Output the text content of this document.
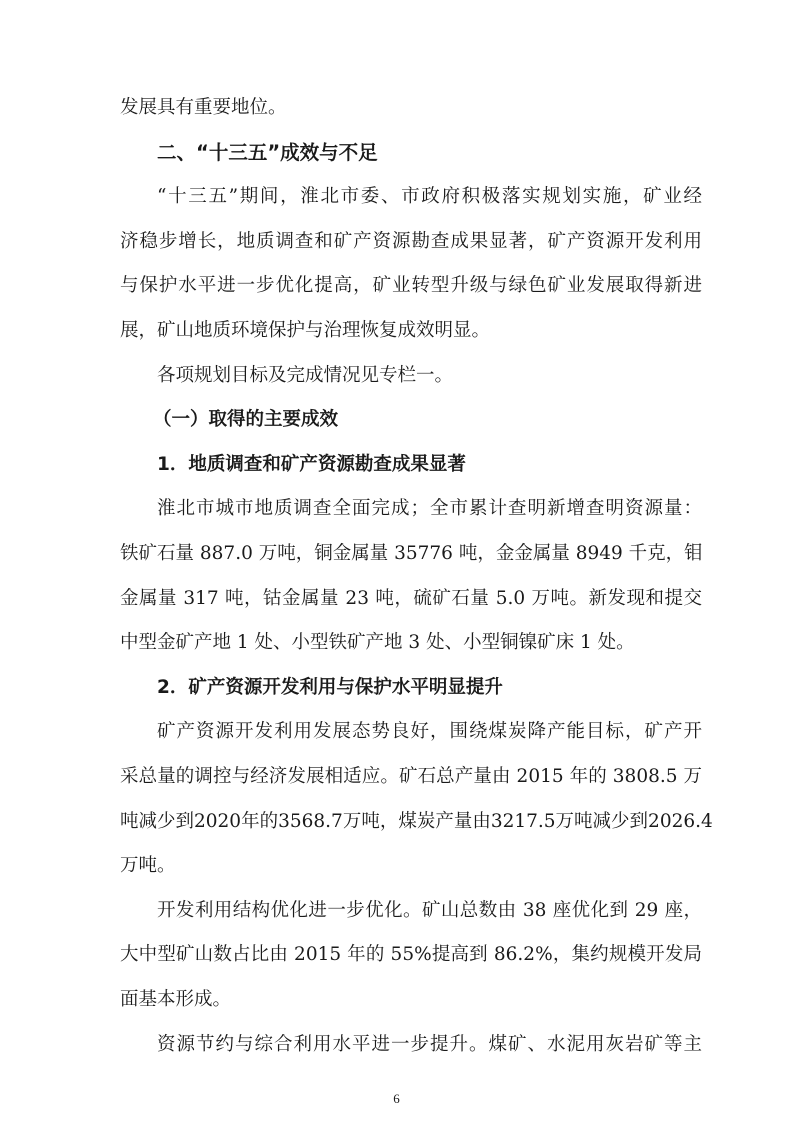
发展具有重要地位。

二、“十三五”成效与不足

“十三五”期间，淮北市委、市政府积极落实规划实施，矿业经

济稳步增长，地质调查和矿产资源勘查成果显著，矿产资源开发利用

与保护水平进一步优化提高，矿业转型升级与绿色矿业发展取得新进

展，矿山地质环境保护与治理恢复成效明显。

各项规划目标及完成情况见专栏一。

（一）取得的主要成效

1．地质调查和矿产资源勘查成果显著

淮北市城市地质调查全面完成；全市累计查明新增查明资源量：

铁矿石量 887.0 万吨，铜金属量 35776 吨，金金属量 8949 千克，钼

金属量 317 吨，钴金属量 23 吨，硫矿石量 5.0 万吨。新发现和提交

中型金矿产地 1 处、小型铁矿产地 3 处、小型铜镍矿床 1 处。

2．矿产资源开发利用与保护水平明显提升

矿产资源开发利用发展态势良好，围绕煤炭降产能目标，矿产开

采总量的调控与经济发展相适应。矿石总产量由 2015 年的 3808.5 万

吨减少到2020年的3568.7万吨，煤炭产量由3217.5万吨减少到2026.4

万吨。

开发利用结构优化进一步优化。矿山总数由 38 座优化到 29 座，

大中型矿山数占比由 2015 年的 55%提高到 86.2%，集约规模开发局

6

面基本形成。

资源节约与综合利用水平进一步提升。煤矿、水泥用灰岩矿等主
